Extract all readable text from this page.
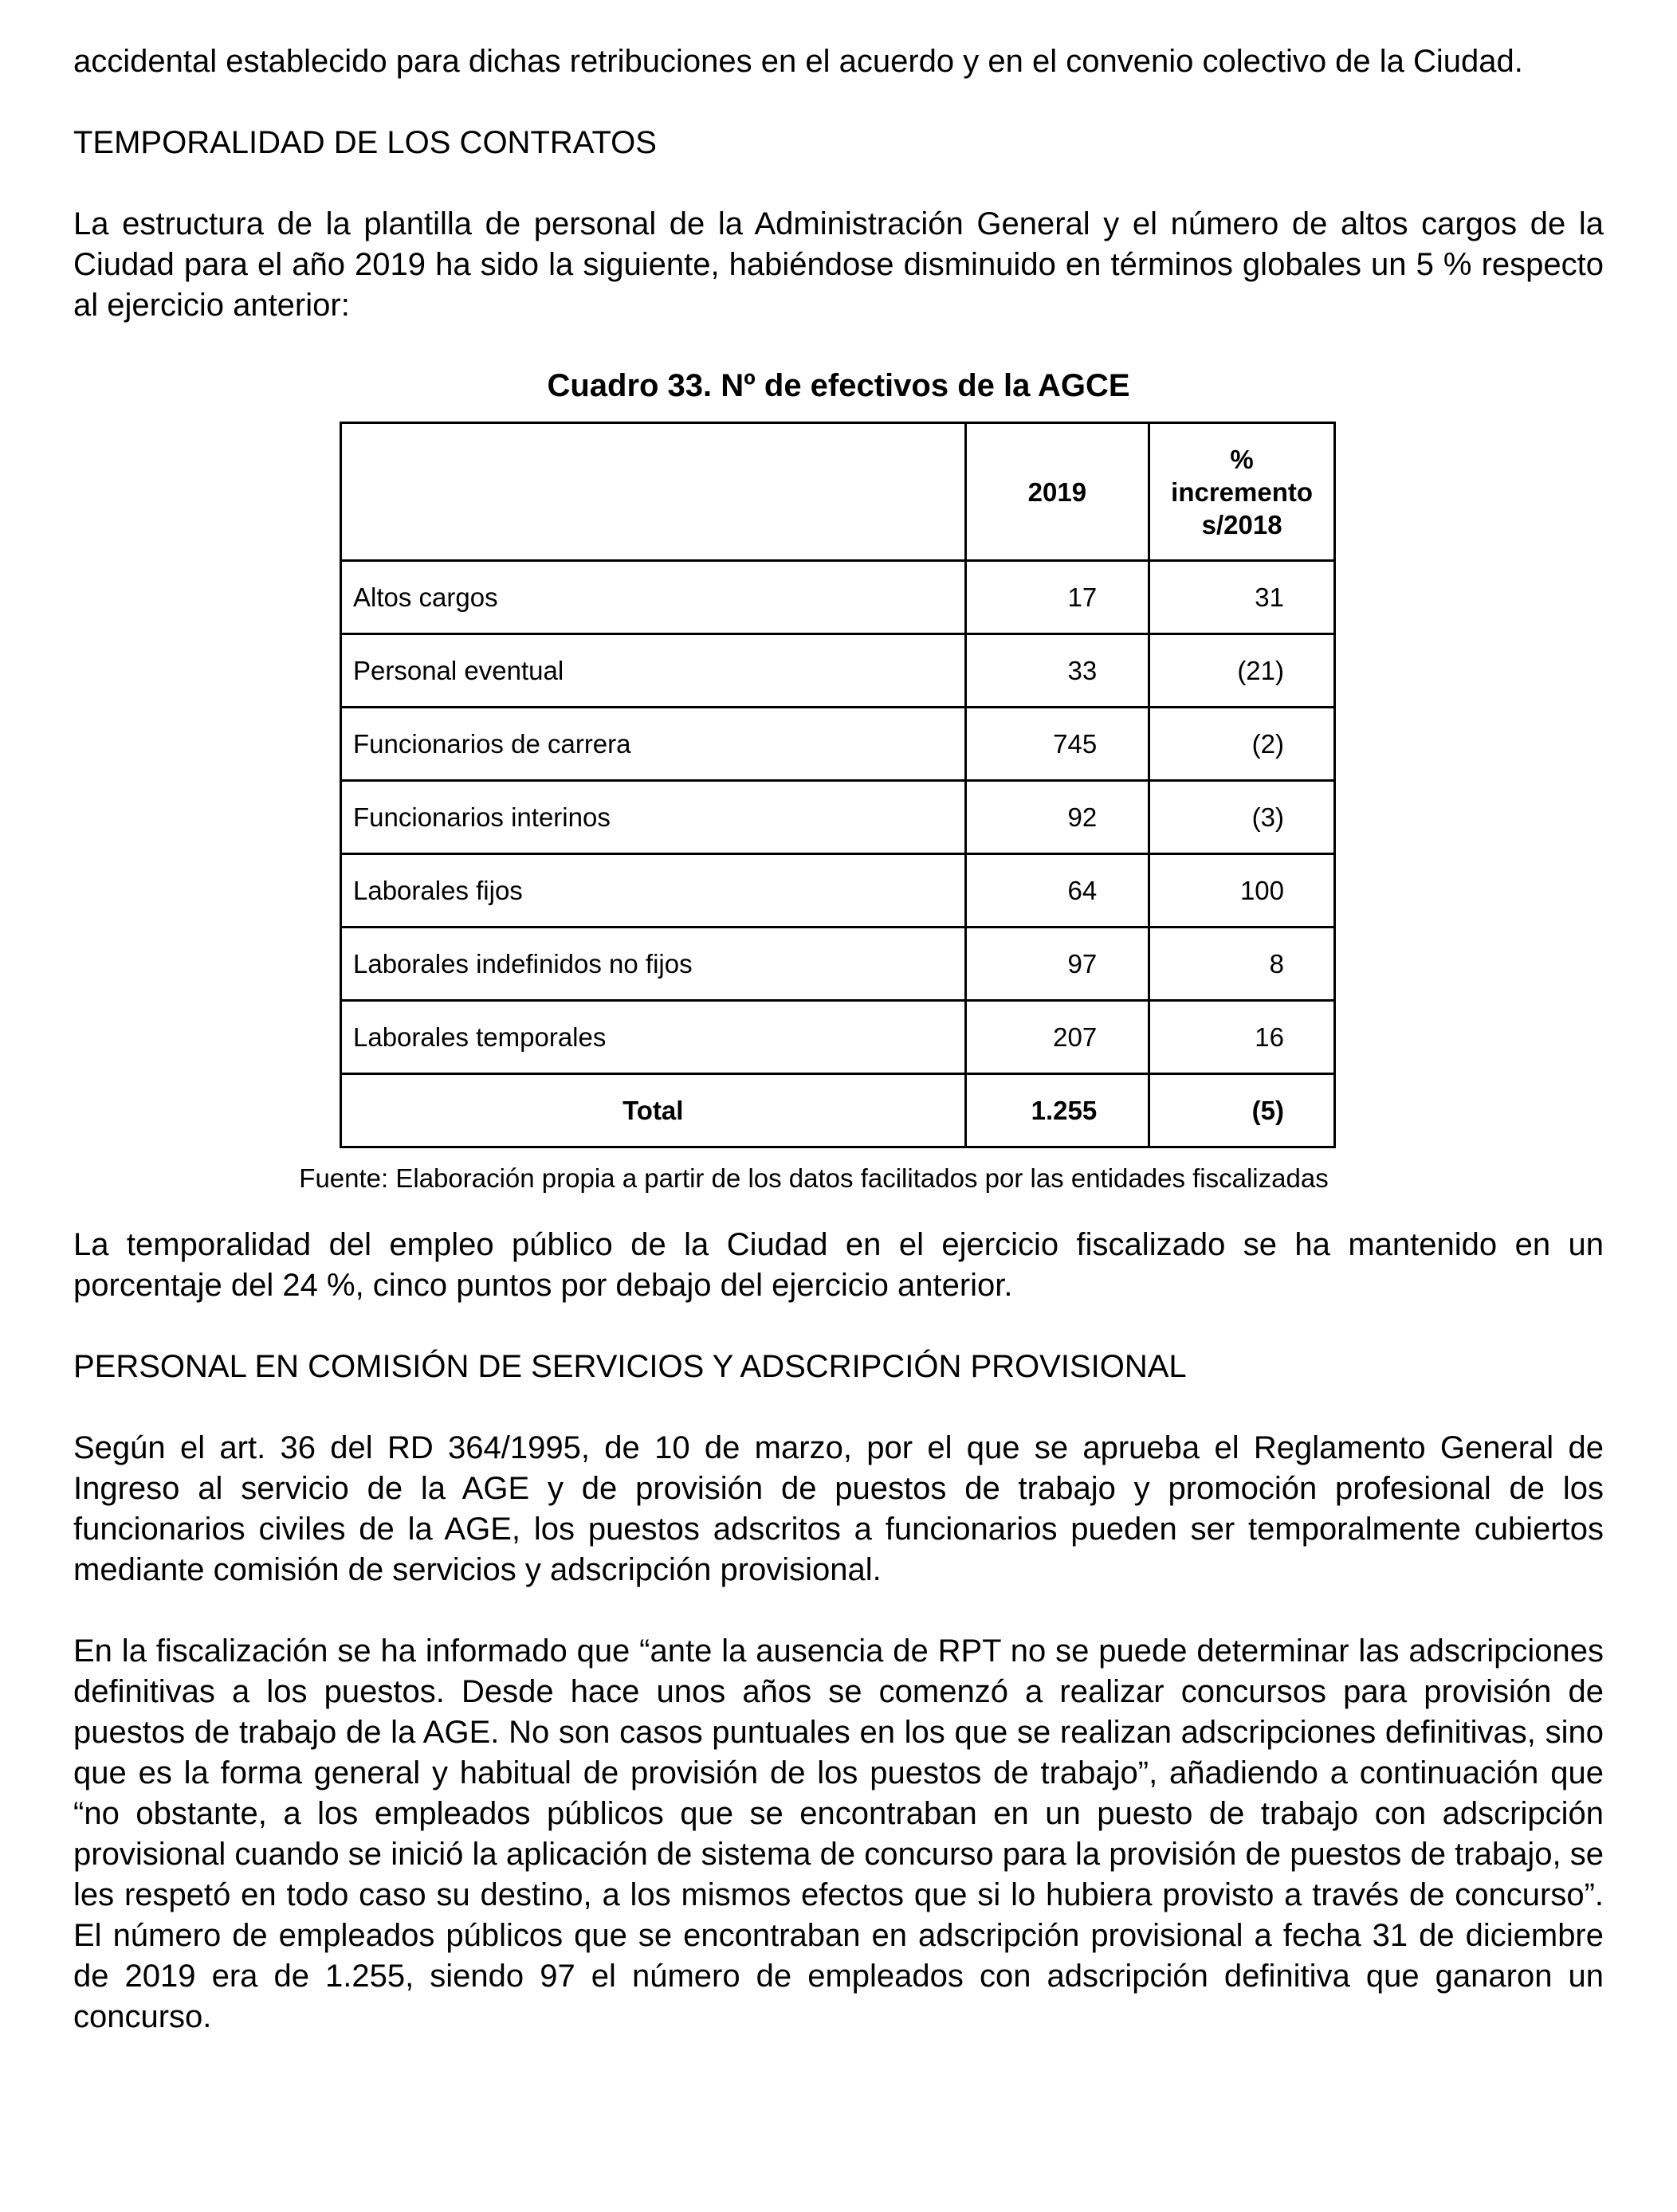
accidental establecido para dichas retribuciones en el acuerdo y en el convenio colectivo de la Ciudad.

TEMPORALIDAD DE LOS CONTRATOS

La estructura de la plantilla de personal de la Administración General y el número de altos cargos de la Ciudad para el año 2019 ha sido la siguiente, habiéndose disminuido en términos globales un 5 % respecto al ejercicio anterior:

Cuadro 33. Nº de efectivos de la AGCE

	2019	%
incremento
s/2018

Altos cargos	17	31
Personal eventual	33	(21)
Funcionarios de carrera	745	(2)
Funcionarios interinos	92	(3)
Laborales fijos	64	100
Laborales indefinidos no fijos	97	8
Laborales temporales	207	16
Total	1.255	(5)

Fuente: Elaboración propia a partir de los datos facilitados por las entidades fiscalizadas

La temporalidad del empleo público de la Ciudad en el ejercicio fiscalizado se ha mantenido en un porcentaje del 24 %, cinco puntos por debajo del ejercicio anterior.

PERSONAL EN COMISIÓN DE SERVICIOS Y ADSCRIPCIÓN PROVISIONAL

Según el art. 36 del RD 364/1995, de 10 de marzo, por el que se aprueba el Reglamento General de Ingreso al servicio de la AGE y de provisión de puestos de trabajo y promoción profesional de los funcionarios civiles de la AGE, los puestos adscritos a funcionarios pueden ser temporalmente cubiertos mediante comisión de servicios y adscripción provisional.

En la fiscalización se ha informado que “ante la ausencia de RPT no se puede determinar las adscripciones definitivas a los puestos. Desde hace unos años se comenzó a realizar concursos para provisión de puestos de trabajo de la AGE. No son casos puntuales en los que se realizan adscripciones definitivas, sino que es la forma general y habitual de provisión de los puestos de trabajo”, añadiendo a continuación que “no obstante, a los empleados públicos que se encontraban en un puesto de trabajo con adscripción provisional cuando se inició la aplicación de sistema de concurso para la provisión de puestos de trabajo, se les respetó en todo caso su destino, a los mismos efectos que si lo hubiera provisto a través de concurso”. El número de empleados públicos que se encontraban en adscripción provisional a fecha 31 de diciembre de 2019 era de 1.255, siendo 97 el número de empleados con adscripción definitiva que ganaron un concurso.
